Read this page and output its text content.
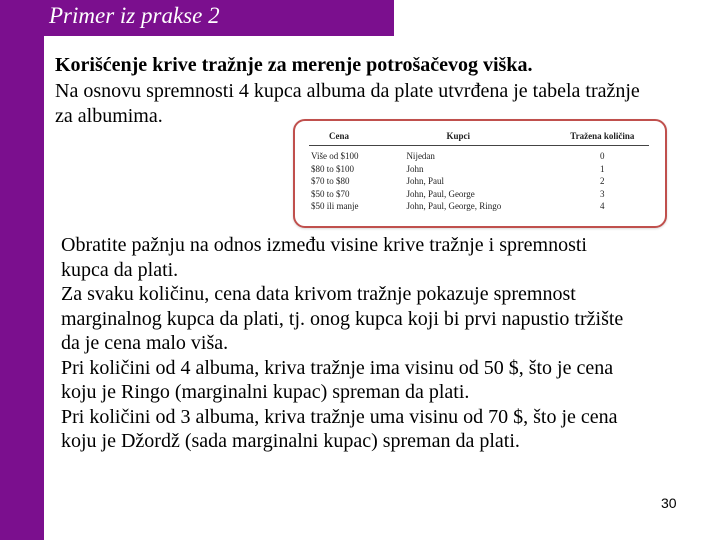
Primer iz prakse 2
Korišćenje krive tražnje za merenje potrošačevog viška.
Na osnovu spremnosti 4 kupca albuma da plate utvrđena je tabela tražnje za albumima.
Cena	Kupci	Tražena količina
Više od $100	Nijedan	0
$80 to $100	John	1
$70 to $80	John, Paul	2
$50 to $70	John, Paul, George	3
$50 ili manje	John, Paul, George, Ringo	4
Obratite pažnju na odnos između visine krive tražnje i spremnosti
kupca da plati.
Za svaku količinu, cena data krivom tražnje pokazuje spremnost
marginalnog kupca da plati, tj. onog kupca koji bi prvi napustio tržište
da je cena malo viša.
Pri količini od 4 albuma, kriva tražnje ima visinu od 50 $, što je cena
koju je Ringo (marginalni kupac) spreman da plati.
Pri količini od 3 albuma, kriva tražnje uma visinu od 70 $, što je cena
koju je Džordž (sada marginalni kupac) spreman da plati.
30
